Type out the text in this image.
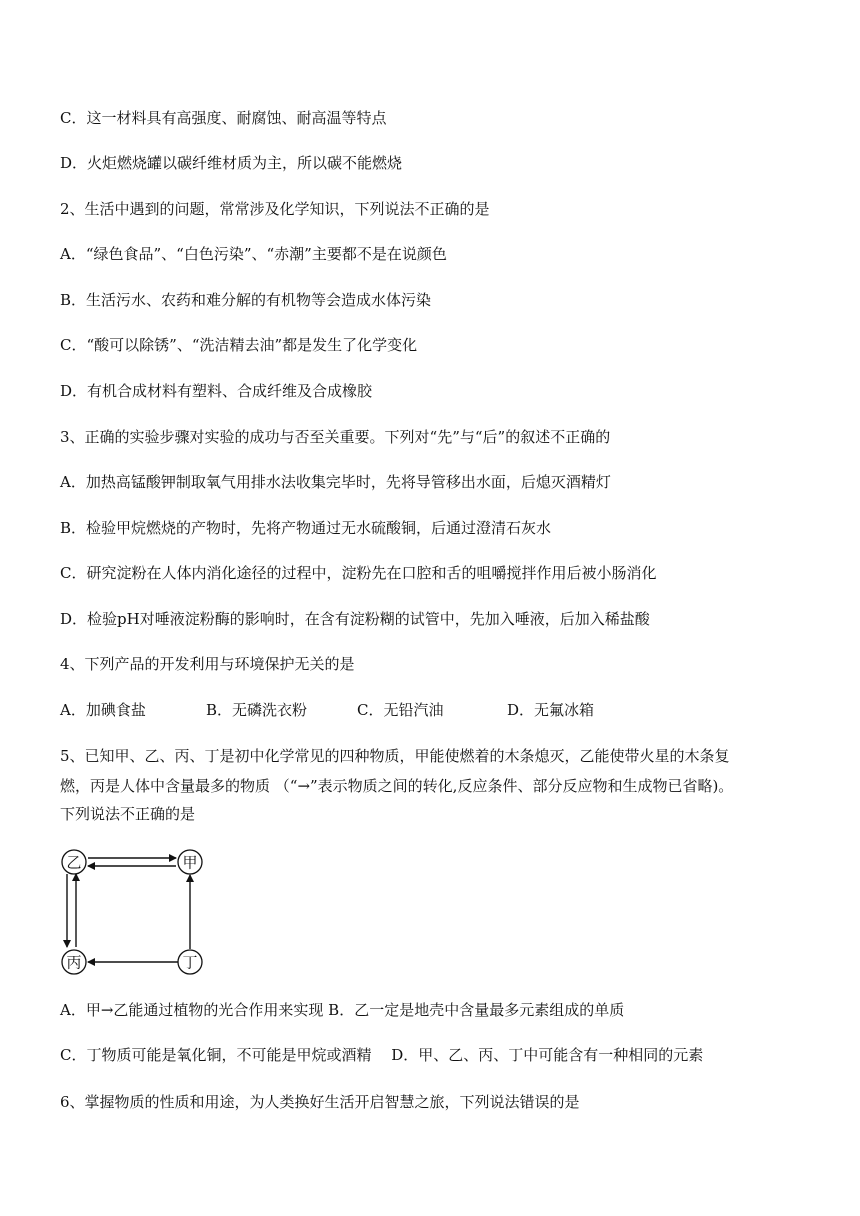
C．这一材料具有高强度、耐腐蚀、耐高温等特点
D．火炬燃烧罐以碳纤维材质为主，所以碳不能燃烧
2、生活中遇到的问题，常常涉及化学知识，下列说法不正确的是
A．“绿色食品”、“白色污染”、“赤潮”主要都不是在说颜色
B．生活污水、农药和难分解的有机物等会造成水体污染
C．“酸可以除锈”、“洗洁精去油”都是发生了化学变化
D．有机合成材料有塑料、合成纤维及合成橡胶
3、正确的实验步骤对实验的成功与否至关重要。下列对“先”与“后”的叙述不正确的
A．加热高锰酸钾制取氧气用排水法收集完毕时，先将导管移出水面，后熄灭酒精灯
B．检验甲烷燃烧的产物时，先将产物通过无水硫酸铜，后通过澄清石灰水
C．研究淀粉在人体内消化途径的过程中，淀粉先在口腔和舌的咀嚼搅拌作用后被小肠消化
D．检验pH对唾液淀粉酶的影响时，在含有淀粉糊的试管中，先加入唾液，后加入稀盐酸
4、下列产品的开发利用与环境保护无关的是
A．加碘食盐	B．无磷洗衣粉	C．无铅汽油	D．无氟冰箱
5、已知甲、乙、丙、丁是初中化学常见的四种物质，甲能使燃着的木条熄灭，乙能使带火星的木条复
燃，丙是人体中含量最多的物质 （“→”表示物质之间的转化,反应条件、部分反应物和生成物已省略)。
下列说法不正确的是
乙	甲
丙	丁
A．甲→乙能通过植物的光合作用来实现 B．乙一定是地壳中含量最多元素组成的单质
C．丁物质可能是氧化铜，不可能是甲烷或酒精　 D．甲、乙、丙、丁中可能含有一种相同的元素
6、掌握物质的性质和用途，为人类换好生活开启智慧之旅，下列说法错误的是
